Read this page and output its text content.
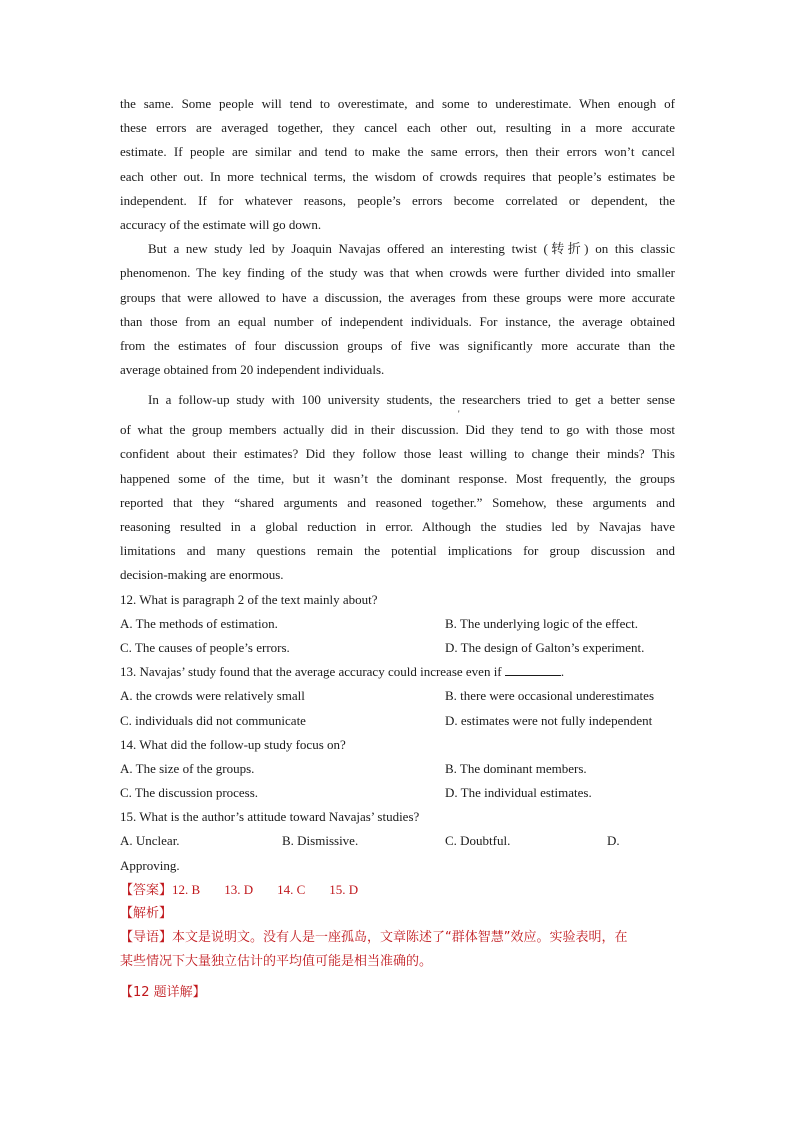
the same. Some people will tend to overestimate, and some to underestimate. When enough of
these errors are averaged together, they cancel each other out, resulting in a more accurate
estimate. If people are similar and tend to make the same errors, then their errors won’t cancel
each other out. In more technical terms, the wisdom of crowds requires that people’s estimates be
independent. If for whatever reasons, people’s errors become correlated or dependent, the
accuracy of the estimate will go down.
But a new study led by Joaquin Navajas offered an interesting twist (转折) on this classic
phenomenon. The key finding of the study was that when crowds were further divided into smaller
groups that were allowed to have a discussion, the averages from these groups were more accurate
than those from an equal number of independent individuals. For instance, the average obtained
from the estimates of four discussion groups of five was significantly more accurate than the
average obtained from 20 independent individuals.
In a follow-up study with 100 university students, the researchers tried to get a better sense
'
of what the group members actually did in their discussion. Did they tend to go with those most
confident about their estimates? Did they follow those least willing to change their minds? This
happened some of the time, but it wasn’t the dominant response. Most frequently, the groups
reported that they “shared arguments and reasoned together.” Somehow, these arguments and
reasoning resulted in a global reduction in error. Although the studies led by Navajas have
limitations and many questions remain the potential implications for group discussion and
decision-making are enormous.
12. What is paragraph 2 of the text mainly about?
A. The methods of estimation.	B. The underlying logic of the effect.
C. The causes of people’s errors.	D. The design of Galton’s experiment.
13. Navajas’ study found that the average accuracy could increase even if	.
A. the crowds were relatively small	B. there were occasional underestimates
C. individuals did not communicate	D. estimates were not fully independent
14. What did the follow-up study focus on?
A. The size of the groups.	B. The dominant members.
C. The discussion process.	D. The individual estimates.
15. What is the author’s attitude toward Navajas’ studies?
A. Unclear.	B. Dismissive.	C. Doubtful.	D.
Approving.
【答案】12. B 13. D 14. C 15. D
【解析】
【导语】本文是说明文。没有人是一座孤岛，文章陈述了“群体智慧”效应。实验表明，在
某些情况下大量独立估计的平均值可能是相当准确的。
【12 题详解】
